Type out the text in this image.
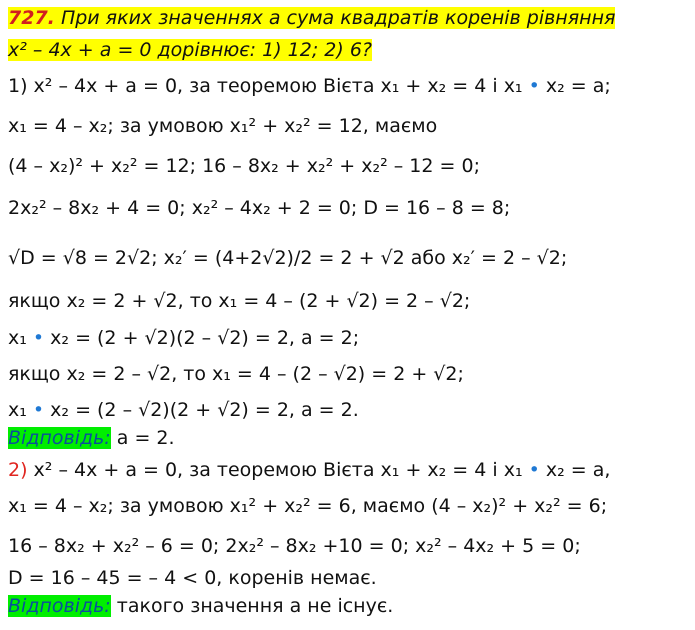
727. При яких значеннях a сума квадратів коренів рівняння
x² – 4x + a = 0 дорівнює: 1) 12; 2) 6?
1) x² – 4x + a = 0, за теоремою Вієта x₁ + x₂ = 4 і x₁ • x₂ = a;
x₁ = 4 – x₂; за умовою x₁² + x₂² = 12, маємо
(4 – x₂)² + x₂² = 12; 16 – 8x₂ + x₂² + x₂² – 12 = 0;
2x₂² – 8x₂ + 4 = 0; x₂² – 4x₂ + 2 = 0; D = 16 – 8 = 8;
√D = √8 = 2√2; x₂′ = (4+2√2)/2 = 2 + √2 або x₂′ = 2 – √2;
якщо x₂ = 2 + √2, то x₁ = 4 – (2 + √2) = 2 – √2;
x₁ • x₂ = (2 + √2)(2 – √2) = 2, a = 2;
якщо x₂ = 2 – √2, то x₁ = 4 – (2 – √2) = 2 + √2;
x₁ • x₂ = (2 – √2)(2 + √2) = 2, a = 2.
Відповідь: a = 2.
2) x² – 4x + a = 0, за теоремою Вієта x₁ + x₂ = 4 і x₁ • x₂ = a,
x₁ = 4 – x₂; за умовою x₁² + x₂² = 6, маємо (4 – x₂)² + x₂² = 6;
16 – 8x₂ + x₂² – 6 = 0; 2x₂² – 8x₂ +10 = 0; x₂² – 4x₂ + 5 = 0;
D = 16 – 45 = – 4 < 0, коренів немає.
Відповідь: такого значення a не існує.
